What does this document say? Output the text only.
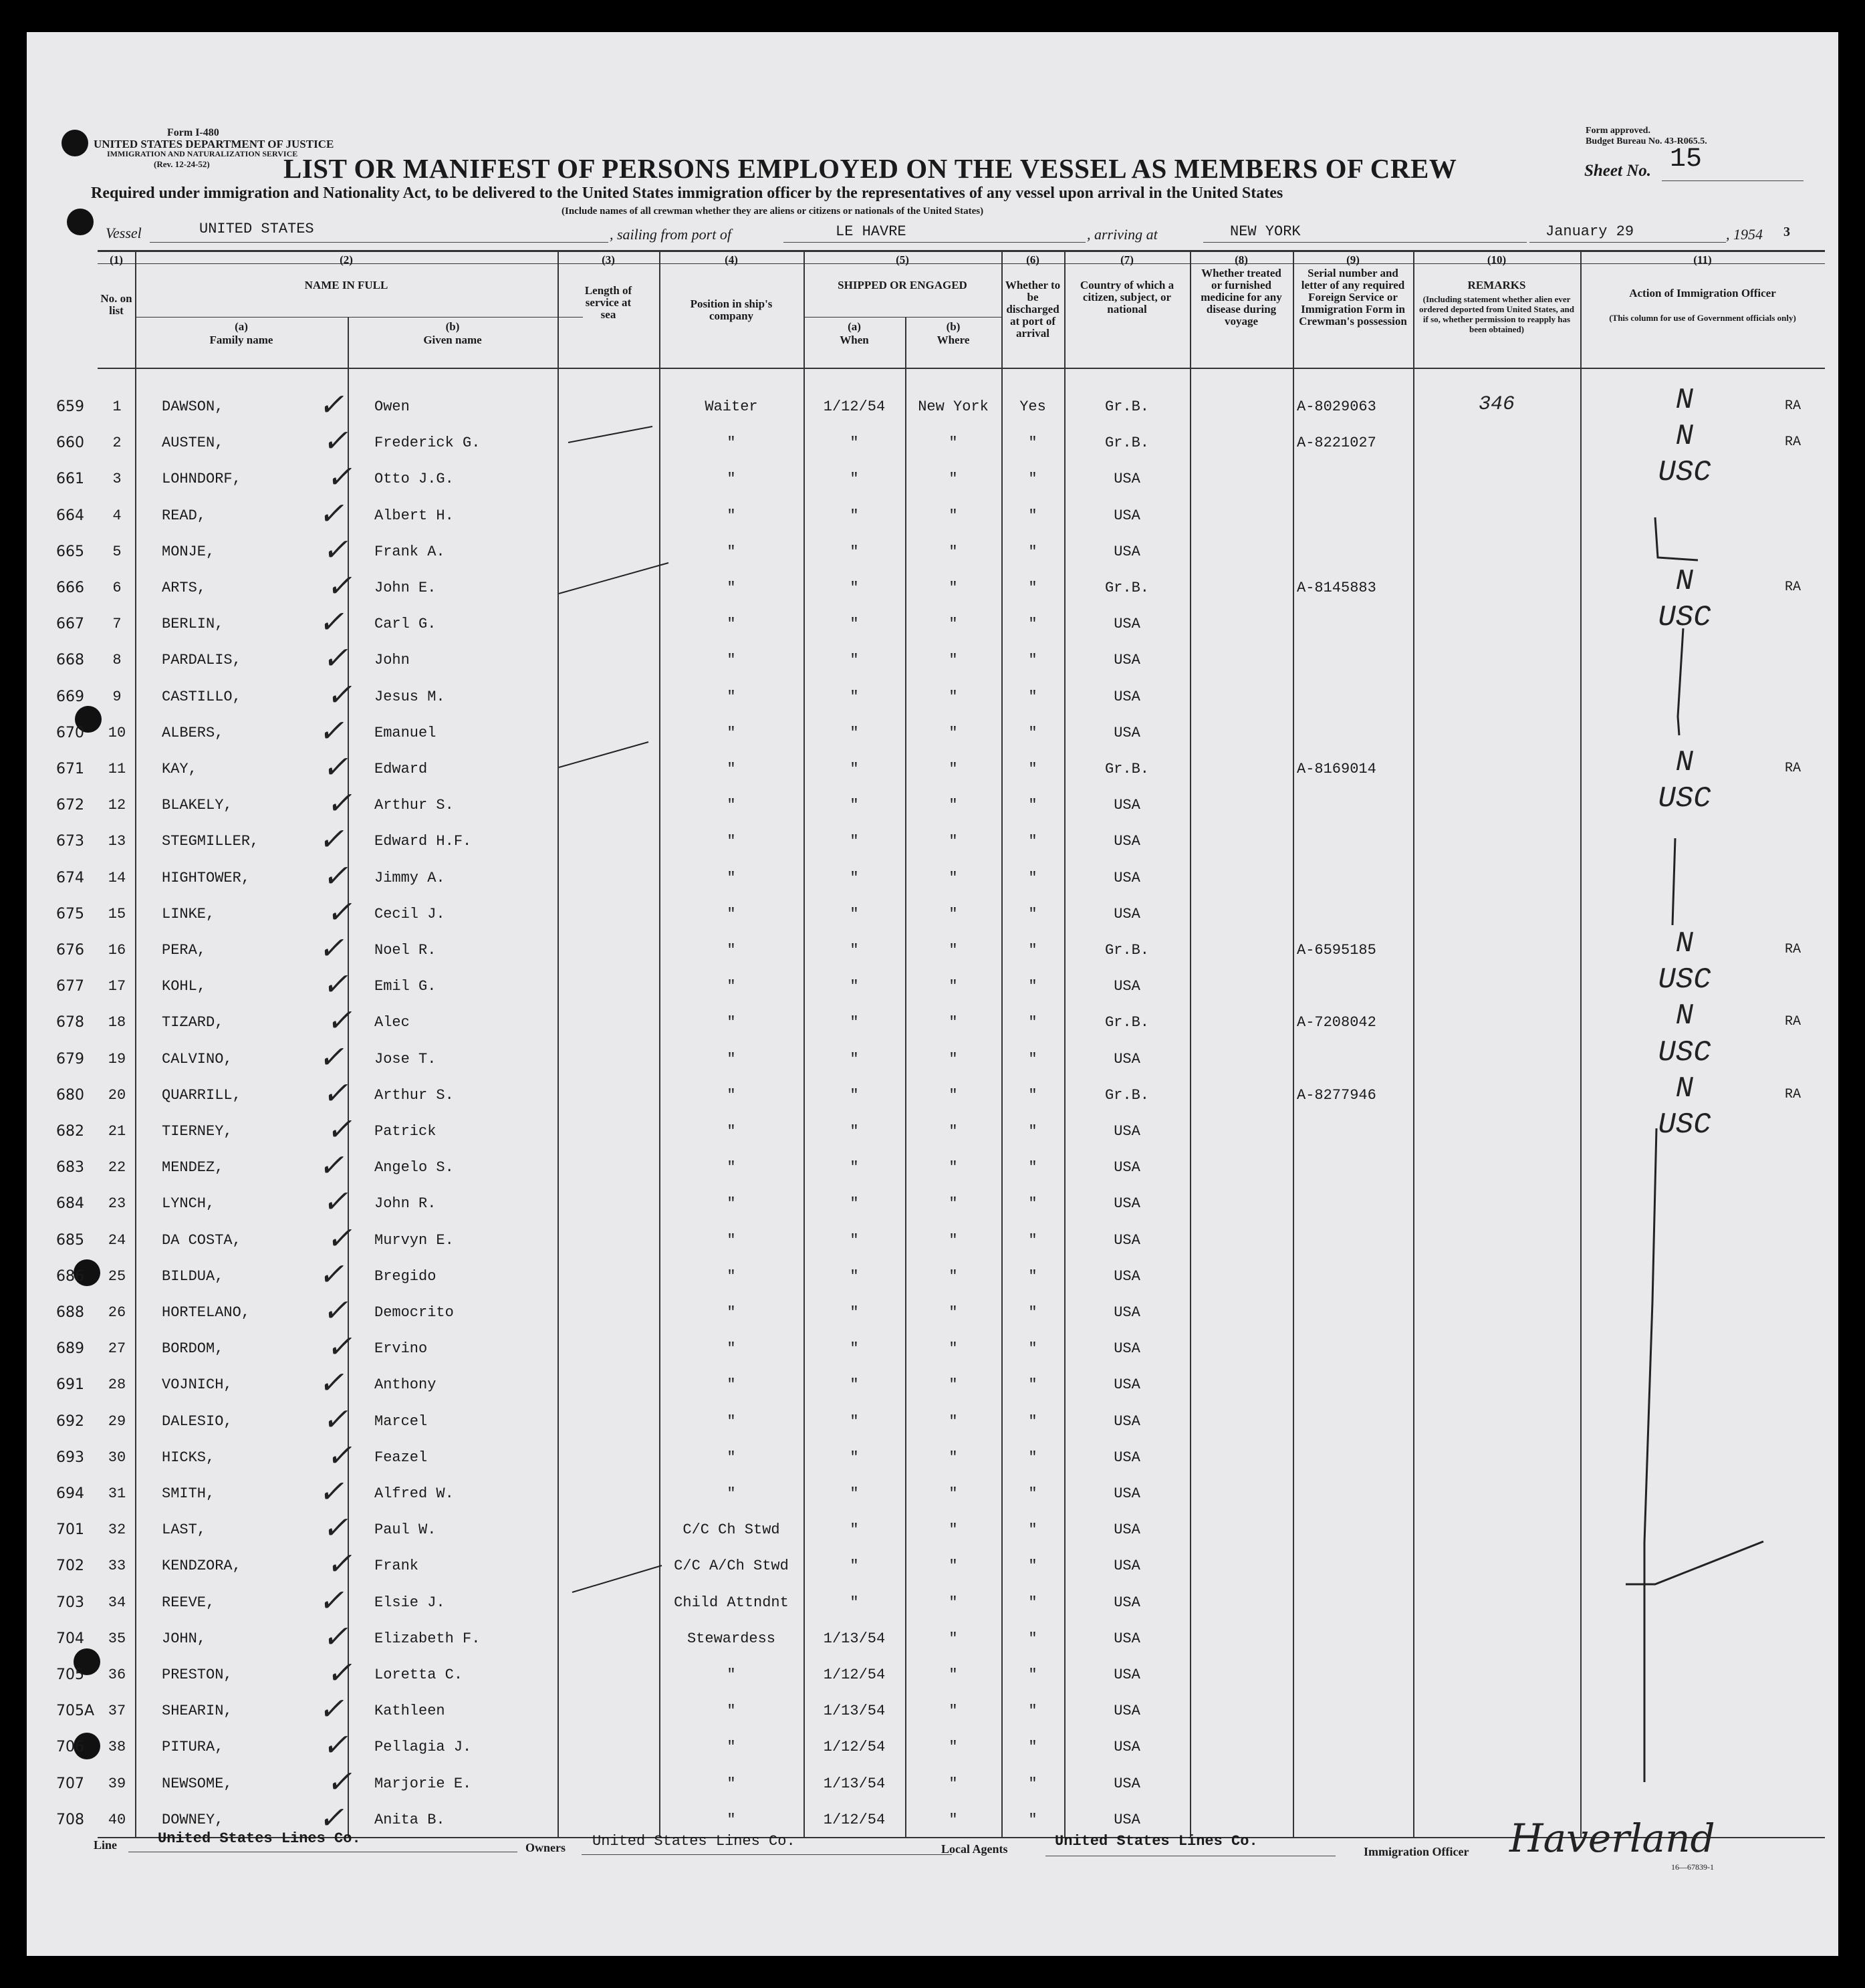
Form I-480
UNITED STATES DEPARTMENT OF JUSTICE
IMMIGRATION AND NATURALIZATION SERVICE
(Rev. 12-24-52)
Form approved.
Budget Bureau No. 43-R065.5.
LIST OR MANIFEST OF PERSONS EMPLOYED ON THE VESSEL AS MEMBERS OF CREW	Sheet No. 15
Required under immigration and Nationality Act, to be delivered to the United States immigration officer by the representatives of any vessel upon arrival in the United States
(Include names of all crewman whether they are aliens or citizens or nationals of the United States)
Vessel	UNITED STATES	, sailing from port of	LE HAVRE	, arriving at	NEW YORK	January 29	, 1954 3
(1)
No. on list
(2)
NAME IN FULL
(a)
Family name
(b)
Given name
(3)
Length of service at sea
(4)
Position in ship's company
(5)
SHIPPED OR ENGAGED
(a)
When
(b)
Where
(6)
Whether to be discharged at port of arrival
(7)
Country of which a citizen, subject, or national
(8)
Whether treated or furnished medicine for any disease during voyage
(9)
Serial number and letter of any required Foreign Service or Immigration Form in Crewman's possession
(10)
REMARKS
(Including statement whether alien ever ordered deported from United States, and if so, whether permission to reapply has been obtained)
(11)
Action of Immigration Officer
(This column for use of Government officials only)
659	1	DAWSON,	Owen	Waiter	1/12/54	New York	Yes	Gr.B.	A-8029063	346	N	RA
✓
660	2	AUSTEN,	Frederick G.	"	"	"	"	Gr.B.	A-8221027	N	RA
✓
661	3	LOHNDORF,	Otto J.G.	"	"	"	"	USA	USC
✓
664	4	READ,	Albert H.	"	"	"	"	USA
✓
665	5	MONJE,	Frank A.	"	"	"	"	USA
✓
666	6	ARTS,	John E.	"	"	"	"	Gr.B.	A-8145883	N	RA
✓
667	7	BERLIN,	Carl G.	"	"	"	"	USA	USC
✓
668	8	PARDALIS,	John	"	"	"	"	USA
✓
669	9	CASTILLO,	Jesus M.	"	"	"	"	USA
✓
670	10	ALBERS,	Emanuel	"	"	"	"	USA
✓
671	11	KAY,	Edward	"	"	"	"	Gr.B.	A-8169014	N	RA
✓
672	12	BLAKELY,	Arthur S.	"	"	"	"	USA	USC
✓
673	13	STEGMILLER,	Edward H.F.	"	"	"	"	USA
✓
674	14	HIGHTOWER,	Jimmy A.	"	"	"	"	USA
✓
675	15	LINKE,	Cecil J.	"	"	"	"	USA
✓
676	16	PERA,	Noel R.	"	"	"	"	Gr.B.	A-6595185	N	RA
✓
677	17	KOHL,	Emil G.	"	"	"	"	USA	USC
✓
678	18	TIZARD,	Alec	"	"	"	"	Gr.B.	A-7208042	N	RA
✓
679	19	CALVINO,	Jose T.	"	"	"	"	USA	USC
✓
680	20	QUARRILL,	Arthur S.	"	"	"	"	Gr.B.	A-8277946	N	RA
✓
682	21	TIERNEY,	Patrick	"	"	"	"	USA	USC
✓
683	22	MENDEZ,	Angelo S.	"	"	"	"	USA
✓
684	23	LYNCH,	John R.	"	"	"	"	USA
✓
685	24	DA COSTA,	Murvyn E.	"	"	"	"	USA
✓
686	25	BILDUA,	Bregido	"	"	"	"	USA
✓
688	26	HORTELANO,	Democrito	"	"	"	"	USA
✓
689	27	BORDOM,	Ervino	"	"	"	"	USA
✓
691	28	VOJNICH,	Anthony	"	"	"	"	USA
✓
692	29	DALESIO,	Marcel	"	"	"	"	USA
✓
693	30	HICKS,	Feazel	"	"	"	"	USA
✓
694	31	SMITH,	Alfred W.	"	"	"	"	USA
✓
701	32	LAST,	Paul W.	C/C Ch Stwd	"	"	"	USA
✓
702	33	KENDZORA,	Frank	C/C A/Ch Stwd	"	"	"	USA
✓
703	34	REEVE,	Elsie J.	Child Attndnt	"	"	"	USA
✓
704	35	JOHN,	Elizabeth F.	Stewardess	1/13/54	"	"	USA
✓
705	36	PRESTON,	Loretta C.	"	1/12/54	"	"	USA
✓
705A 37	SHEARIN,	Kathleen	"	1/13/54	"	"	USA
✓
706	38	PITURA,	Pellagia J.	"	1/12/54	"	"	USA
✓
707	39	NEWSOME,	Marjorie E.	"	1/13/54	"	"	USA
✓
708	40	DOWNEY,	Anita B.	"	1/12/54	"	"	USA
✓
Line	United States Lines Co.
Owners United States Lines Co.	Local Agents	United States Lines Co.
Immigration Officer Haverland
16—67839-1
